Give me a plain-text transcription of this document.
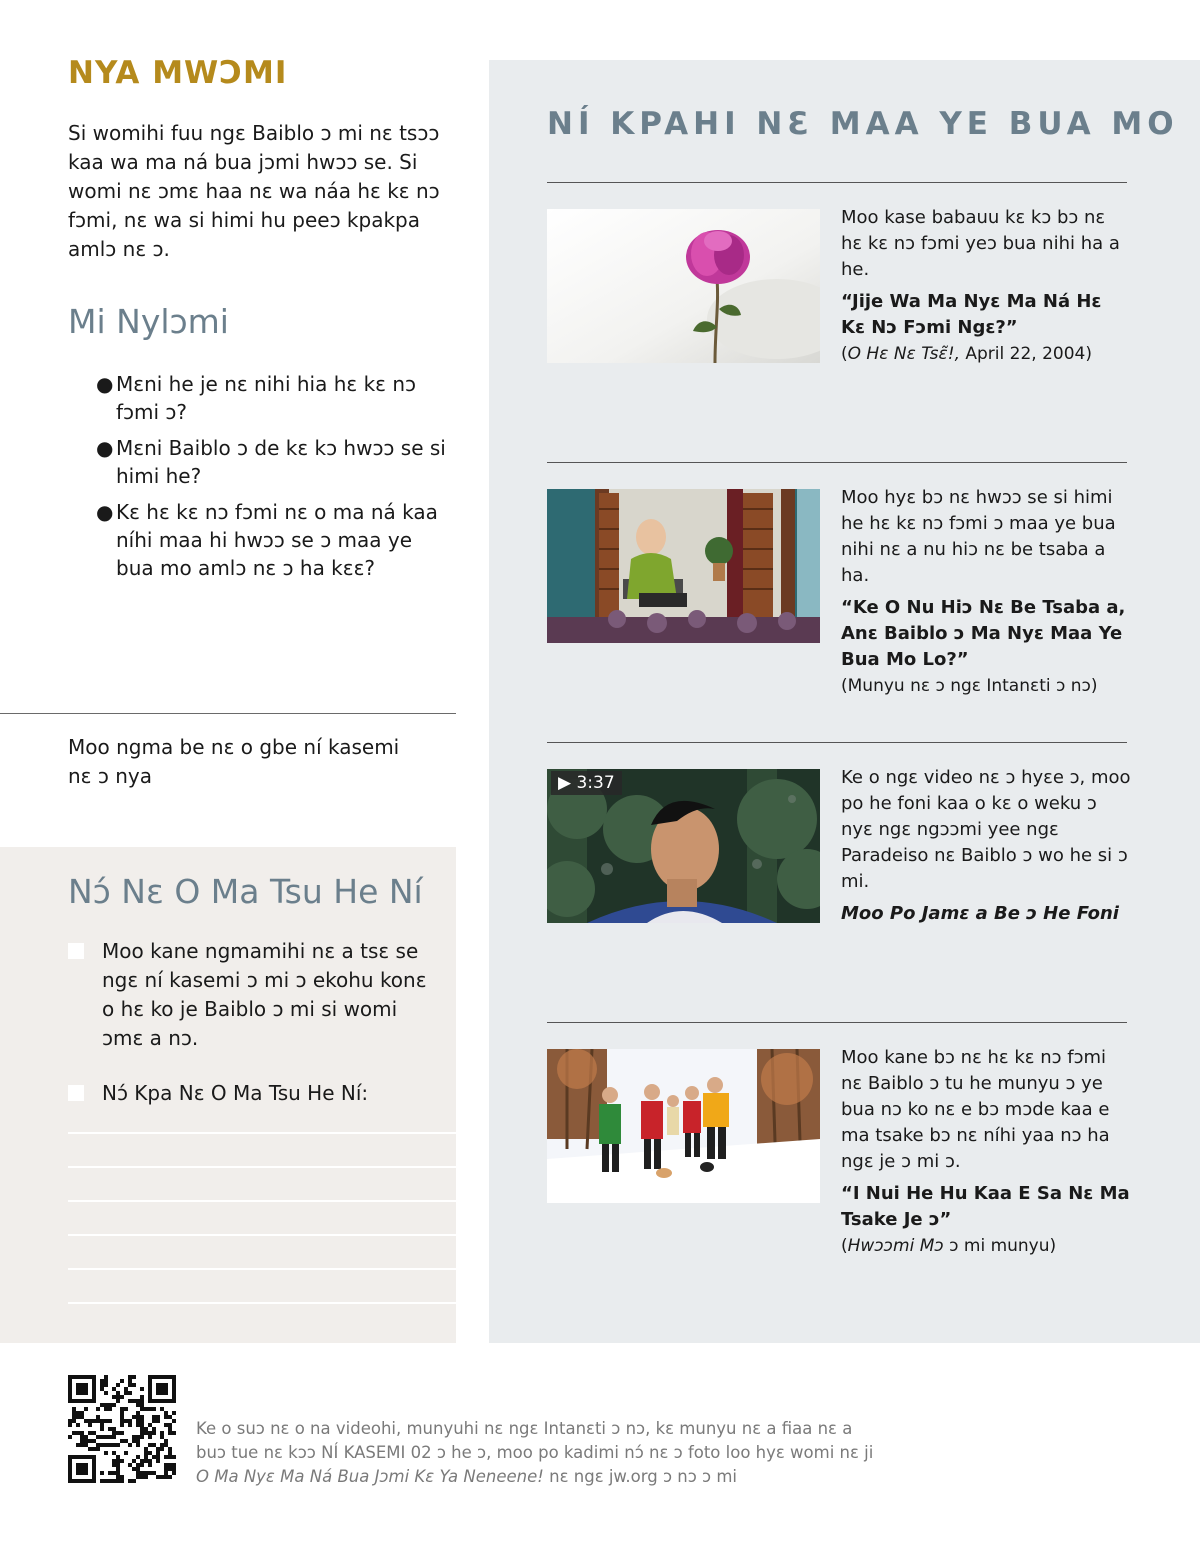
NYA MWƆMI

Si womihi fuu ngɛ Baiblo ɔ mi nɛ tsɔɔ kaa wa ma ná bua jɔmi hwɔɔ se. Si womi nɛ ɔmɛ haa nɛ wa náa hɛ kɛ nɔ fɔmi, nɛ wa si himi hu peeɔ kpakpa amlɔ nɛ ɔ.

Mi Nylɔmi
● Mɛni he je nɛ nihi hia hɛ kɛ nɔ fɔmi ɔ?
● Mɛni Baiblo ɔ de kɛ kɔ hwɔɔ se si himi he?
● Kɛ hɛ kɛ nɔ fɔmi nɛ o ma ná kaa níhi maa hi hwɔɔ se ɔ maa ye bua mo amlɔ nɛ ɔ ha kɛɛ?
Moo ngma be nɛ o gbe ní kasemi nɛ ɔ nya
Nɔ́ Nɛ O Ma Tsu He Ní
Moo kane ngmamihi nɛ a tsɛ se ngɛ ní kasemi ɔ mi ɔ ekohu konɛ o hɛ ko je Baiblo ɔ mi si womi ɔmɛ a nɔ.
Nɔ́ Kpa Nɛ O Ma Tsu He Ní:
NÍ KPAHI NƐ MAA YE BUA MO

Moo kase babauu kɛ kɔ bɔ nɛ hɛ kɛ nɔ fɔmi yeɔ bua nihi ha a he.

“Jije Wa Ma Nyɛ Ma Ná Hɛ Kɛ Nɔ Fɔmi Ngɛ?”

(O Hɛ Nɛ Tsɛ̃!, April 22, 2004)

Moo hyɛ bɔ nɛ hwɔɔ se si himi he hɛ kɛ nɔ fɔmi ɔ maa ye bua nihi nɛ a nu hiɔ nɛ be tsaba a ha.

“Ke O Nu Hiɔ Nɛ Be Tsaba a, Anɛ Baiblo ɔ Ma Nyɛ Maa Ye Bua Mo Lo?”

(Munyu nɛ ɔ ngɛ Intanɛti ɔ nɔ)

▶ 3:37	Ke o ngɛ video nɛ ɔ hyɛe ɔ, moo po he foni kaa o kɛ o weku ɔ nyɛ ngɛ ngɔɔmi yee ngɛ Paradeiso nɛ Baiblo ɔ wo he si ɔ mi.

Moo Po Jamɛ a Be ɔ He Foni

Moo kane bɔ nɛ hɛ kɛ nɔ fɔmi nɛ Baiblo ɔ tu he munyu ɔ ye bua nɔ ko nɛ e bɔ mɔde kaa e ma tsake bɔ nɛ níhi yaa nɔ ha ngɛ je ɔ mi ɔ.

“I Nui He Hu Kaa E Sa Nɛ Ma Tsake Je ɔ”

(Hwɔɔmi Mɔ ɔ mi munyu)

Ke o suɔ nɛ o na videohi, munyuhi nɛ ngɛ Intanɛti ɔ nɔ, kɛ munyu nɛ a fiaa nɛ a buɔ tue nɛ kɔɔ NÍ KASEMI 02 ɔ he ɔ, moo po kadimi nɔ́ nɛ ɔ foto loo hyɛ womi nɛ ji O Ma Nyɛ Ma Ná Bua Jɔmi Kɛ Ya Neneene! nɛ ngɛ jw.org ɔ nɔ ɔ mi
